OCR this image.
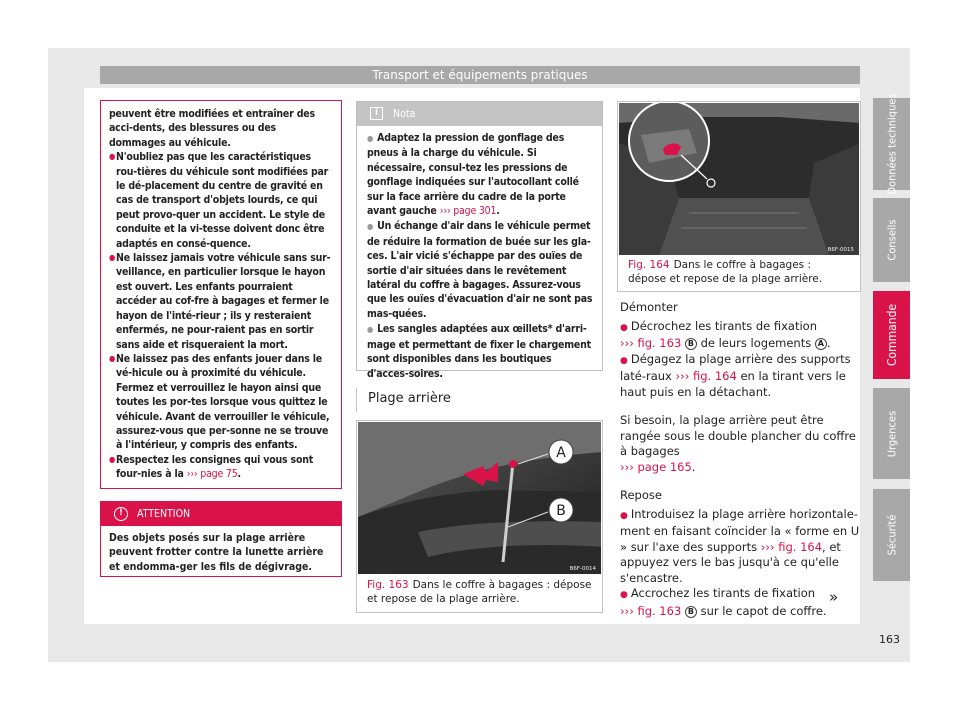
Transport et équipements pratiques
Données techniques
Conseils
Commande
Urgences
Sécurité
163

peuvent être modifiées et entraîner des acci-dents, des blessures ou des dommages au véhicule.

● N'oubliez pas que les caractéristiques rou-tières du véhicule sont modifiées par le dé-placement du centre de gravité en cas de transport d'objets lourds, ce qui peut provo-quer un accident. Le style de conduite et la vi-tesse doivent donc être adaptés en consé-quence.
● Ne laissez jamais votre véhicule sans sur-veillance, en particulier lorsque le hayon est ouvert. Les enfants pourraient accéder au cof-fre à bagages et fermer le hayon de l'inté-rieur ; ils y resteraient enfermés, ne pour-raient pas en sortir sans aide et risqueraient la mort.
● Ne laissez pas des enfants jouer dans le vé-hicule ou à proximité du véhicule. Fermez et verrouillez le hayon ainsi que toutes les por-tes lorsque vous quittez le véhicule. Avant de verrouiller le véhicule, assurez-vous que per-sonne ne se trouve à l'intérieur, y compris des enfants.
● Respectez les consignes qui vous sont four-nies à la ››› page 75.
!	ATTENTION
Des objets posés sur la plage arrière peuvent frotter contre la lunette arrière et endomma-ger les fils de dégivrage.
i	Nota
● Adaptez la pression de gonflage des pneus à la charge du véhicule. Si nécessaire, consul-tez les pressions de gonflage indiquées sur l'autocollant collé sur la face arrière du cadre de la porte avant gauche ››› page 301.
● Un échange d'air dans le véhicule permet de réduire la formation de buée sur les gla-ces. L'air vicié s'échappe par des ouïes de sortie d'air situées dans le revêtement latéral du coffre à bagages. Assurez-vous que les ouïes d'évacuation d'air ne sont pas mas-quées.
● Les sangles adaptées aux œillets* d'arri-mage et permettant de fixer le chargement sont disponibles dans les boutiques d'acces-soires.
Plage arrière
A
B
B6F-0014
Fig. 163 Dans le coffre à bagages : dépose et repose de la plage arrière.
B6F-0015
Fig. 164 Dans le coffre à bagages : dépose et repose de la plage arrière.
Démonter
● Décrochez les tirants de fixation
››› fig. 163 B de leurs logements A .
● Dégagez la plage arrière des supports laté-raux ››› fig. 164 en la tirant vers le haut puis en la détachant.
Si besoin, la plage arrière peut être rangée sous le double plancher du coffre à bagages
››› page 165.
Repose
● Introduisez la plage arrière horizontale-ment en faisant coïncider la « forme en U » sur l'axe des supports ››› fig. 164, et appuyez vers le bas jusqu'à ce qu'elle s'encastre.
● Accrochez les tirants de fixation
››› fig. 163 B sur le capot de coffre.
»
